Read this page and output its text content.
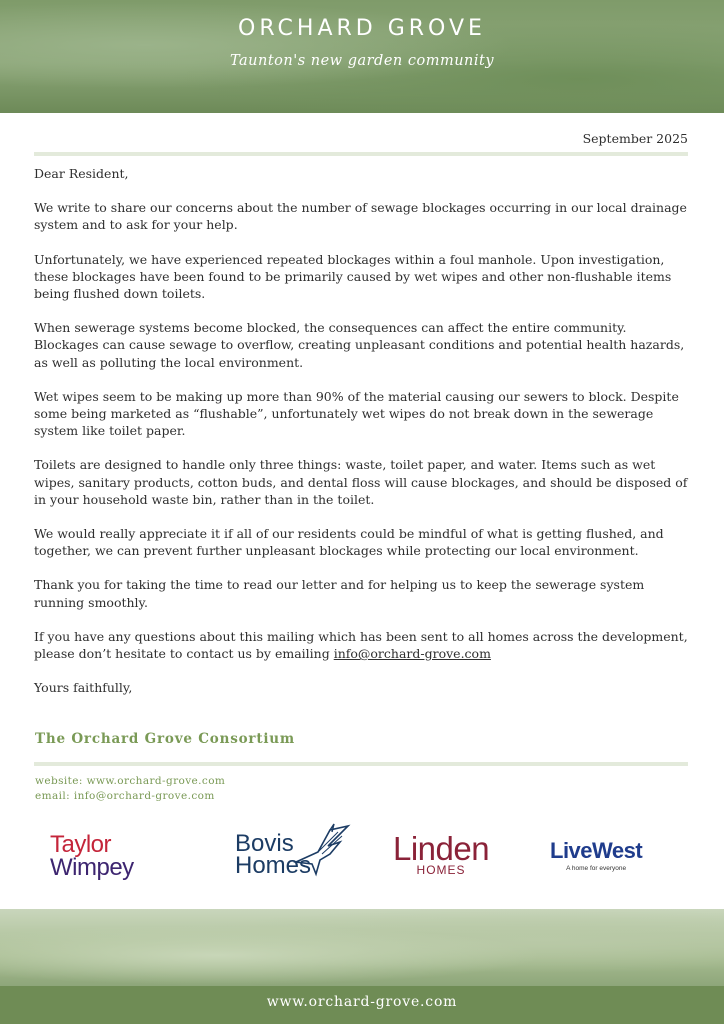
ORCHARD GROVE
Taunton's new garden community
September 2025

Dear Resident,

We write to share our concerns about the number of sewage blockages occurring in our local drainage system and to ask for your help.

Unfortunately, we have experienced repeated blockages within a foul manhole. Upon investigation, these blockages have been found to be primarily caused by wet wipes and other non-flushable items being flushed down toilets.

When sewerage systems become blocked, the consequences can affect the entire community. Blockages can cause sewage to overflow, creating unpleasant conditions and potential health hazards, as well as polluting the local environment.

Wet wipes seem to be making up more than 90% of the material causing our sewers to block. Despite some being marketed as “flushable”, unfortunately wet wipes do not break down in the sewerage system like toilet paper.

Toilets are designed to handle only three things: waste, toilet paper, and water. Items such as wet wipes, sanitary products, cotton buds, and dental floss will cause blockages, and should be disposed of in your household waste bin, rather than in the toilet.

We would really appreciate it if all of our residents could be mindful of what is getting flushed, and together, we can prevent further unpleasant blockages while protecting our local environment.

Thank you for taking the time to read our letter and for helping us to keep the sewerage system running smoothly.

If you have any questions about this mailing which has been sent to all homes across the development, please don’t hesitate to contact us by emailing info@orchard-grove.com

Yours faithfully,

The Orchard Grove Consortium
website: www.orchard-grove.com
email: info@orchard-grove.com
Taylor
Wimpey
Bovis
Homes Linden
HOMES
LiveWest
A home for everyone
www.orchard-grove.com
